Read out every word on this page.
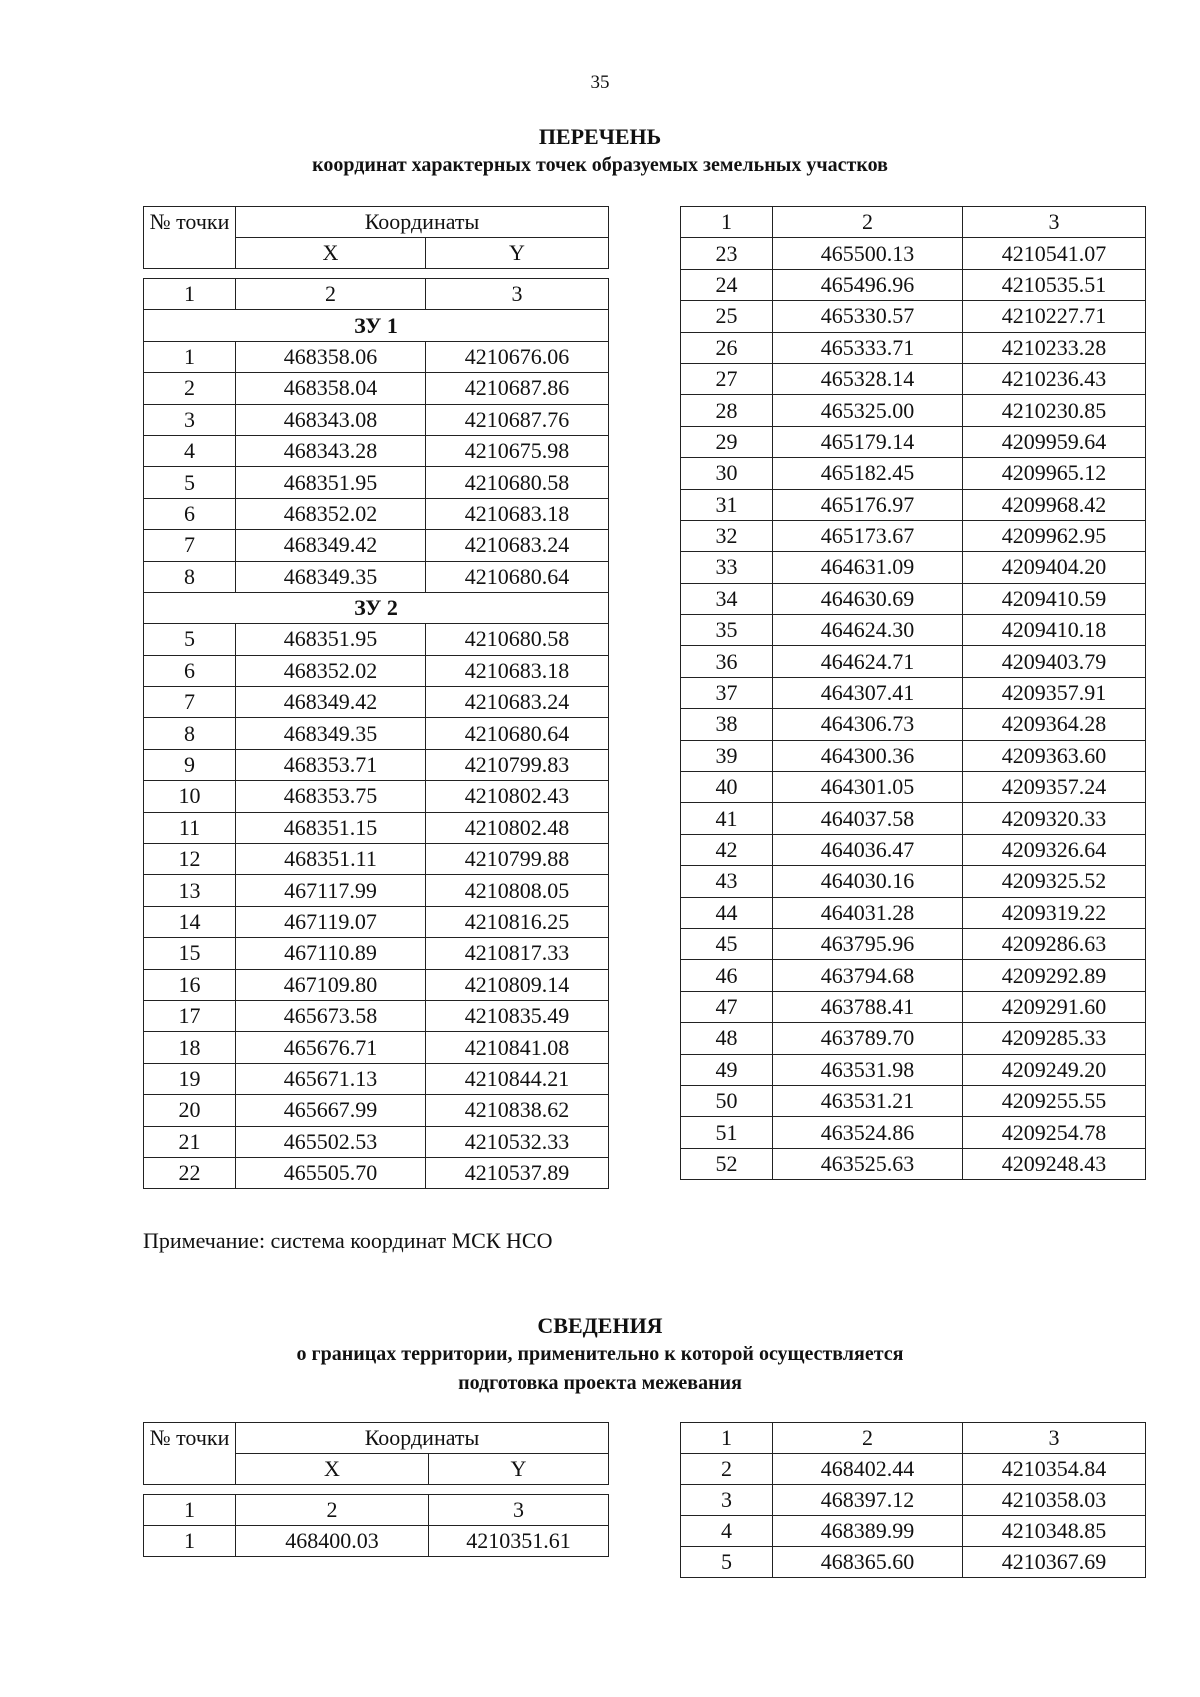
35
ПЕРЕЧЕНЬ
координат характерных точек образуемых земельных участков
№ точки	Координаты	
	X	Y
1	2	3
ЗУ 1		
1	468358.06	4210676.06
2	468358.04	4210687.86
3	468343.08	4210687.76
4	468343.28	4210675.98
5	468351.95	4210680.58
6	468352.02	4210683.18
7	468349.42	4210683.24
8	468349.35	4210680.64
ЗУ 2		
5	468351.95	4210680.58
6	468352.02	4210683.18
7	468349.42	4210683.24
8	468349.35	4210680.64
9	468353.71	4210799.83
10	468353.75	4210802.43
11	468351.15	4210802.48
12	468351.11	4210799.88
13	467117.99	4210808.05
14	467119.07	4210816.25
15	467110.89	4210817.33
16	467109.80	4210809.14
17	465673.58	4210835.49
18	465676.71	4210841.08
19	465671.13	4210844.21
20	465667.99	4210838.62
21	465502.53	4210532.33
22	465505.70	4210537.89
1	2	3
23	465500.13	4210541.07
24	465496.96	4210535.51
25	465330.57	4210227.71
26	465333.71	4210233.28
27	465328.14	4210236.43
28	465325.00	4210230.85
29	465179.14	4209959.64
30	465182.45	4209965.12
31	465176.97	4209968.42
32	465173.67	4209962.95
33	464631.09	4209404.20
34	464630.69	4209410.59
35	464624.30	4209410.18
36	464624.71	4209403.79
37	464307.41	4209357.91
38	464306.73	4209364.28
39	464300.36	4209363.60
40	464301.05	4209357.24
41	464037.58	4209320.33
42	464036.47	4209326.64
43	464030.16	4209325.52
44	464031.28	4209319.22
45	463795.96	4209286.63
46	463794.68	4209292.89
47	463788.41	4209291.60
48	463789.70	4209285.33
49	463531.98	4209249.20
50	463531.21	4209255.55
51	463524.86	4209254.78
52	463525.63	4209248.43
Примечание: система координат МСК НСО
СВЕДЕНИЯ
о границах территории, применительно к которой осуществляется
подготовка проекта межевания
№ точки	Координаты	
	X	Y
1	2	3
1	468400.03	4210351.61
1	2	3
2	468402.44	4210354.84
3	468397.12	4210358.03
4	468389.99	4210348.85
5	468365.60	4210367.69
